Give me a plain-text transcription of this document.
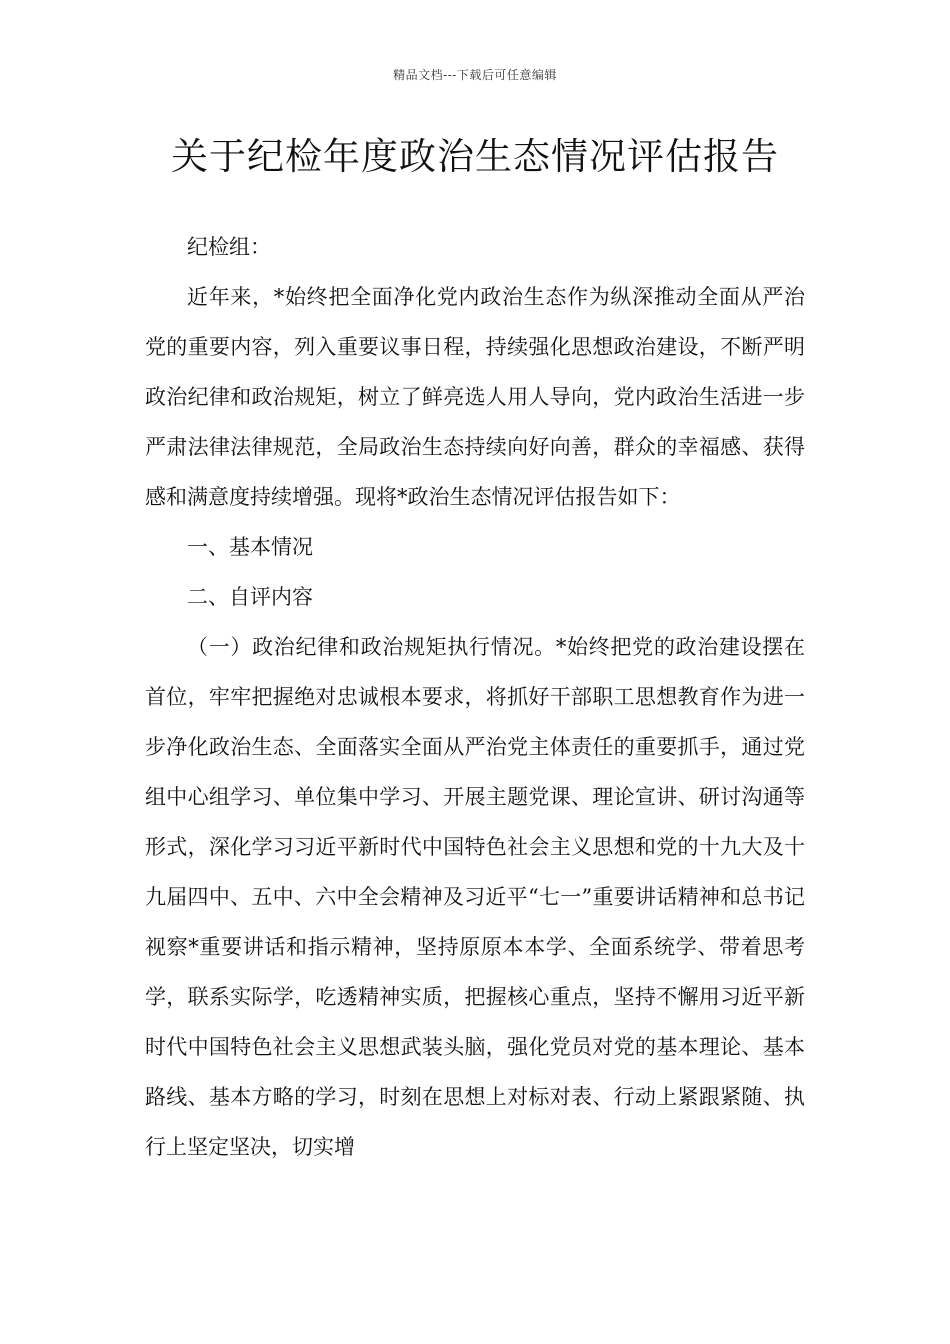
精品文档---下载后可任意编辑
关于纪检年度政治生态情况评估报告

纪检组：

近年来，*始终把全面净化党内政治生态作为纵深推动全面从严治党的重要内容，列入重要议事日程，持续强化思想政治建设，不断严明政治纪律和政治规矩，树立了鲜亮选人用人导向，党内政治生活进一步严肃法律法律规范，全局政治生态持续向好向善，群众的幸福感、获得感和满意度持续增强。现将*政治生态情况评估报告如下：

一、基本情况

二、自评内容

（一）政治纪律和政治规矩执行情况。*始终把党的政治建设摆在首位，牢牢把握绝对忠诚根本要求，将抓好干部职工思想教育作为进一步净化政治生态、全面落实全面从严治党主体责任的重要抓手，通过党组中心组学习、单位集中学习、开展主题党课、理论宣讲、研讨沟通等形式，深化学习习近平新时代中国特色社会主义思想和党的十九大及十九届四中、五中、六中全会精神及习近平“七一”重要讲话精神和总书记视察*重要讲话和指示精神，坚持原原本本学、全面系统学、带着思考学，联系实际学，吃透精神实质，把握核心重点，坚持不懈用习近平新时代中国特色社会主义思想武装头脑，强化党员对党的基本理论、基本路线、基本方略的学习，时刻在思想上对标对表、行动上紧跟紧随、执行上坚定坚决，切实增
